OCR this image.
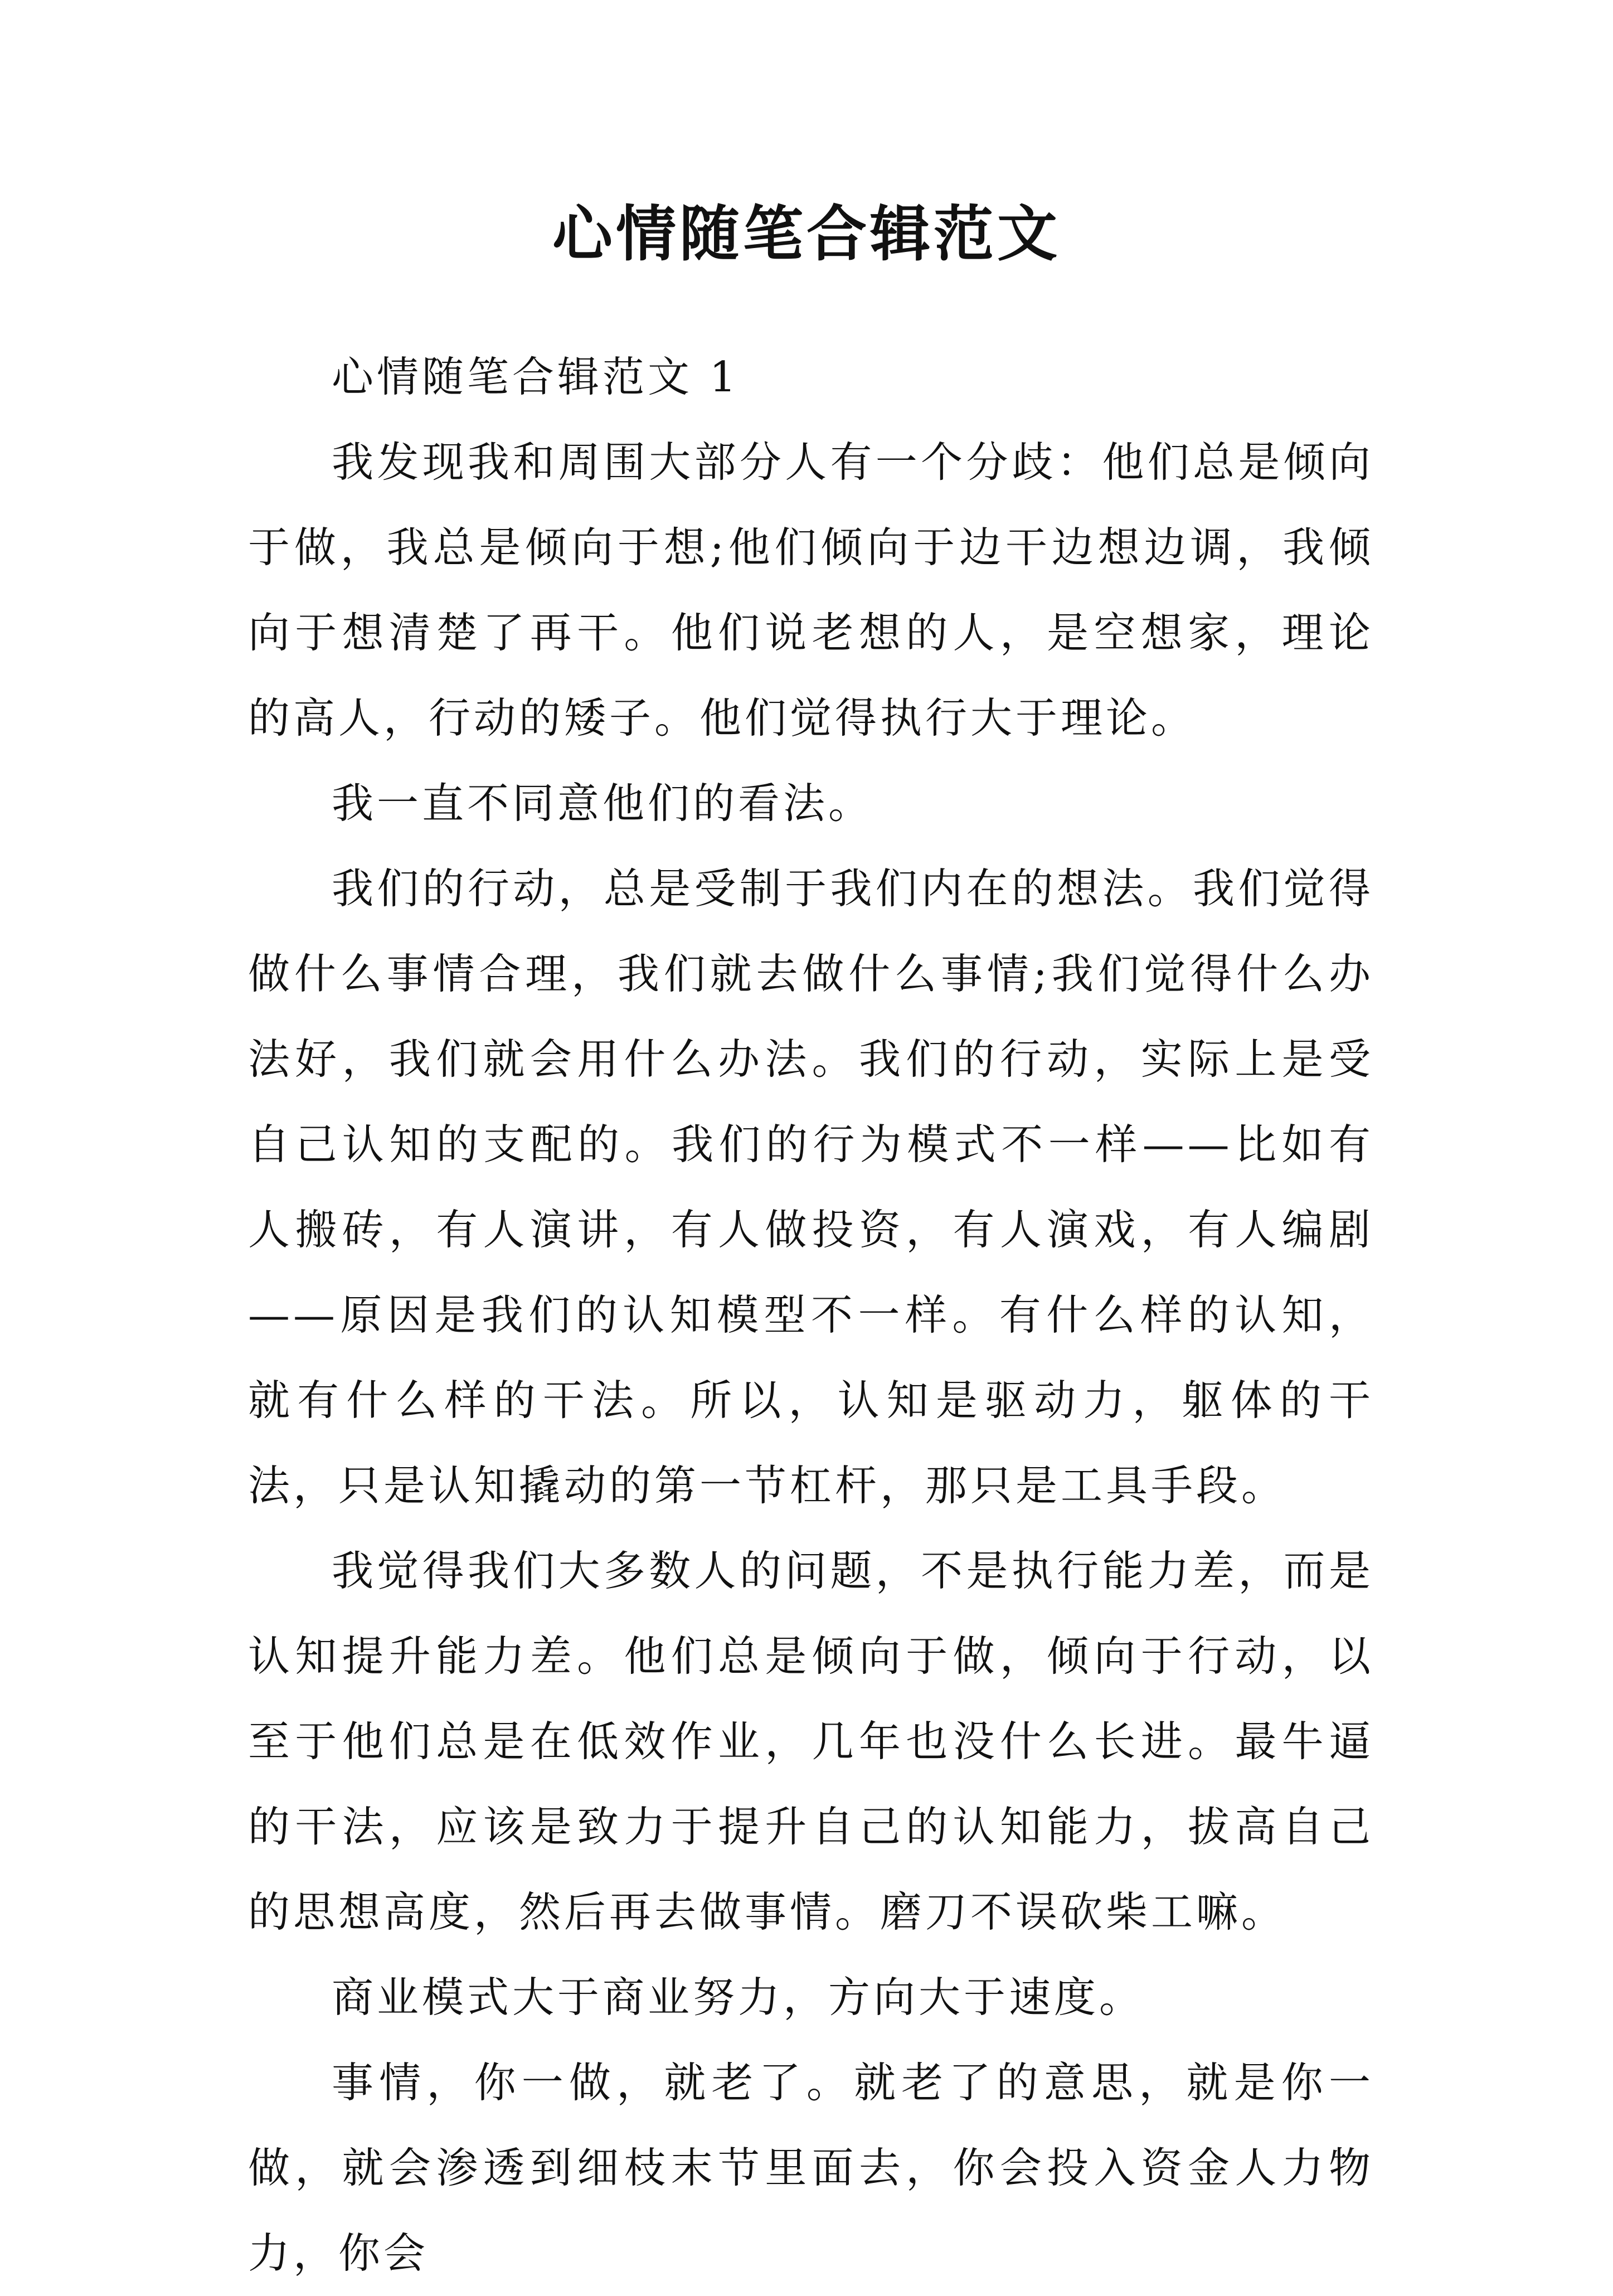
心情随笔合辑范文

心情随笔合辑范文 1

我发现我和周围大部分人有一个分歧：他们总是倾向于做，我总是倾向于想;他们倾向于边干边想边调，我倾向于想清楚了再干。他们说老想的人，是空想家，理论的高人，行动的矮子。他们觉得执行大于理论。

我一直不同意他们的看法。

我们的行动，总是受制于我们内在的想法。我们觉得做什么事情合理，我们就去做什么事情;我们觉得什么办法好，我们就会用什么办法。我们的行动，实际上是受自己认知的支配的。我们的行为模式不一样——比如有人搬砖，有人演讲，有人做投资，有人演戏，有人编剧——原因是我们的认知模型不一样。有什么样的认知，就有什么样的干法。所以，认知是驱动力，躯体的干法，只是认知撬动的第一节杠杆，那只是工具手段。

我觉得我们大多数人的问题，不是执行能力差，而是认知提升能力差。他们总是倾向于做，倾向于行动，以至于他们总是在低效作业，几年也没什么长进。最牛逼的干法，应该是致力于提升自己的认知能力，拔高自己的思想高度，然后再去做事情。磨刀不误砍柴工嘛。

商业模式大于商业努力，方向大于速度。

事情，你一做，就老了。就老了的意思，就是你一做，就会渗透到细枝末节里面去，你会投入资金人力物力，你会
